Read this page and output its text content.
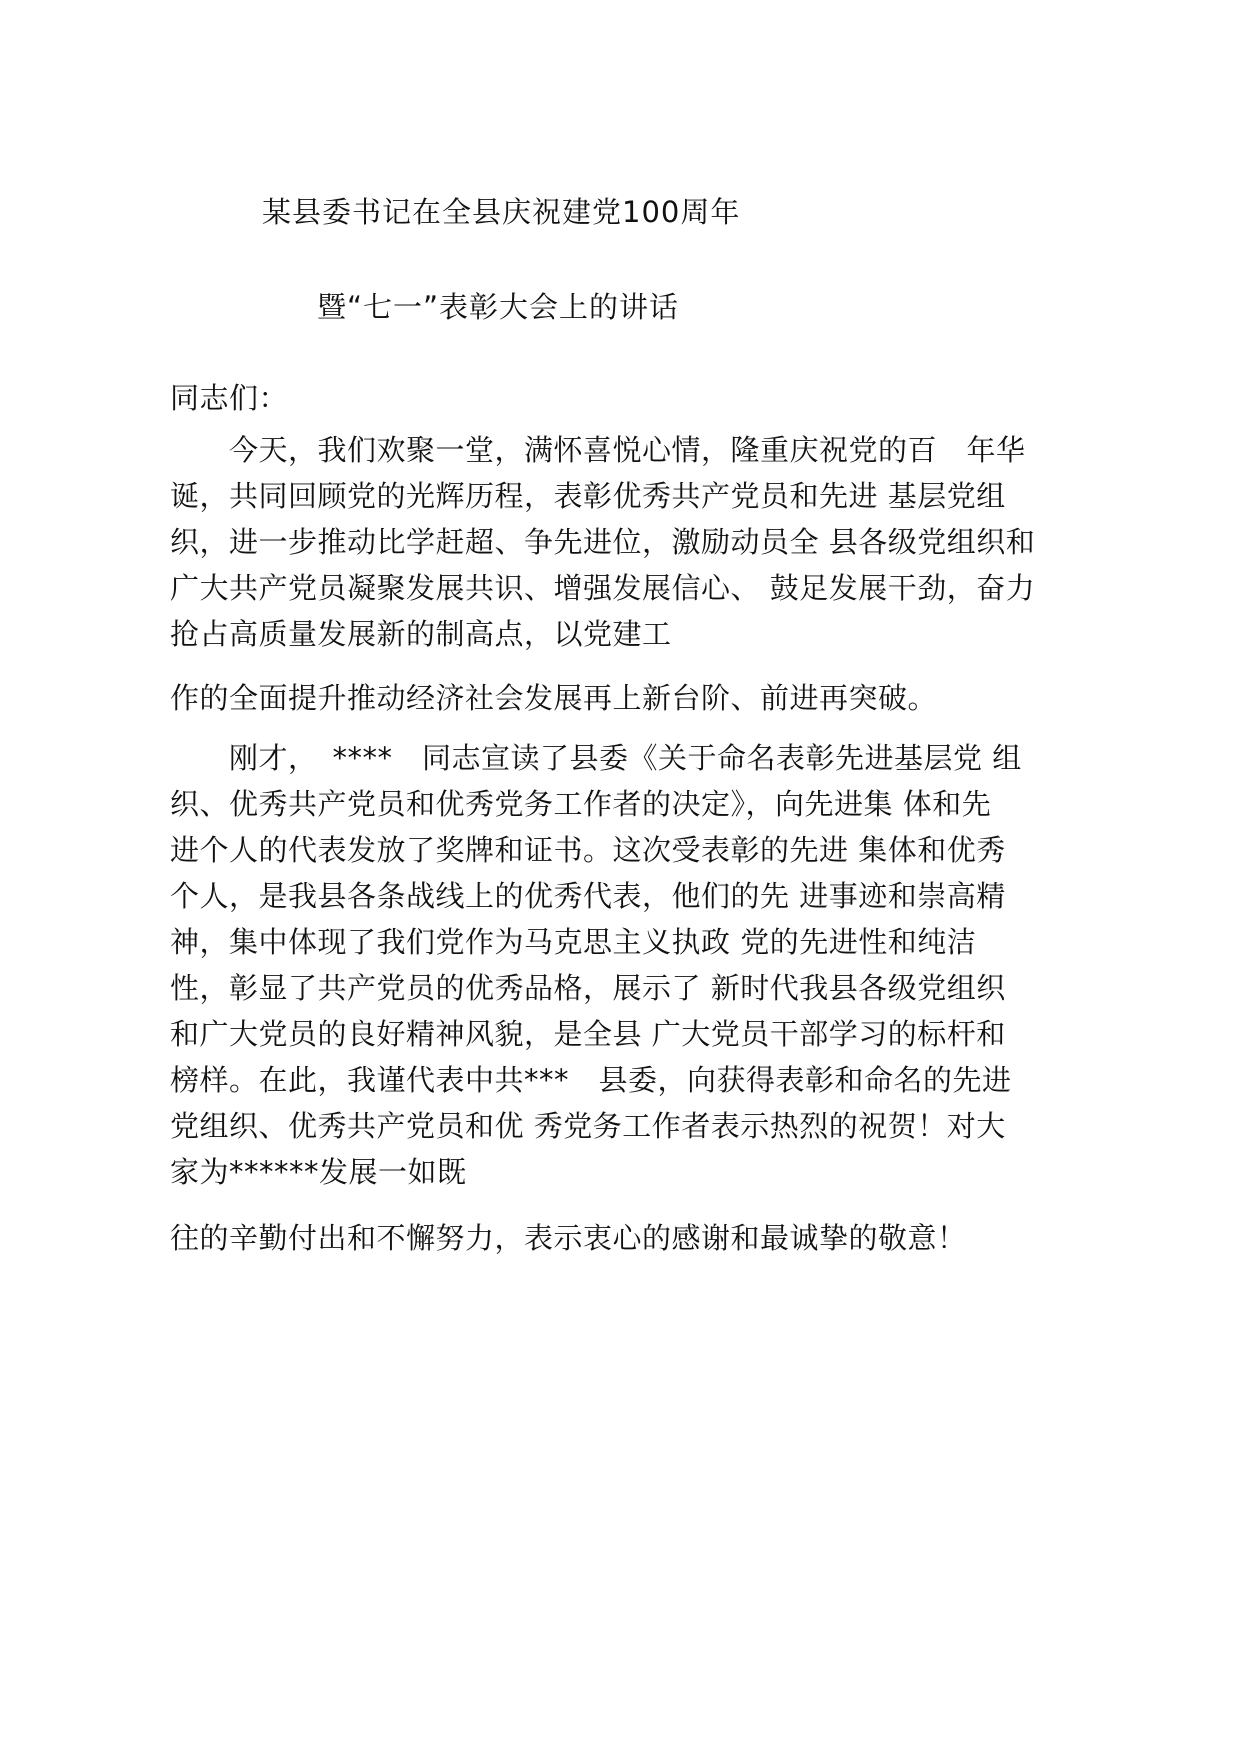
某县委书记在全县庆祝建党100周年
暨“七一”表彰大会上的讲话
同志们：
　　今天，我们欢聚一堂，满怀喜悦心情，隆重庆祝党的百　年华
诞，共同回顾党的光辉历程，表彰优秀共产党员和先进 基层党组
织，进一步推动比学赶超、争先进位，激励动员全 县各级党组织和
广大共产党员凝聚发展共识、增强发展信心、 鼓足发展干劲，奋力
抢占高质量发展新的制高点，以党建工
作的全面提升推动经济社会发展再上新台阶、前进再突破。
　　刚才，　****　同志宣读了县委《关于命名表彰先进基层党 组
织、优秀共产党员和优秀党务工作者的决定》，向先进集 体和先
进个人的代表发放了奖牌和证书。这次受表彰的先进 集体和优秀
个人，是我县各条战线上的优秀代表，他们的先 进事迹和崇高精
神，集中体现了我们党作为马克思主义执政 党的先进性和纯洁
性，彰显了共产党员的优秀品格，展示了 新时代我县各级党组织
和广大党员的良好精神风貌，是全县 广大党员干部学习的标杆和
榜样。在此，我谨代表中共***　县委，向获得表彰和命名的先进
党组织、优秀共产党员和优 秀党务工作者表示热烈的祝贺！对大
家为******发展一如既
往的辛勤付出和不懈努力，表示衷心的感谢和最诚挚的敬意！
